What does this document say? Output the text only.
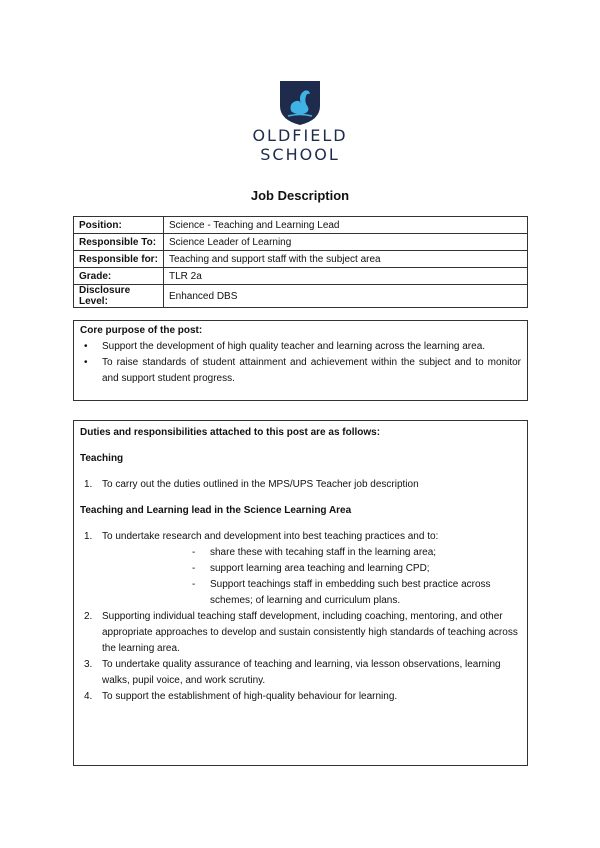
OLDFIELD
SCHOOL
Job Description
Position:	Science - Teaching and Learning Lead
Responsible To:	Science Leader of Learning
Responsible for:	Teaching and support staff with the subject area
Grade:	TLR 2a
Disclosure Level:	Enhanced DBS
Core purpose of the post:
• Support the development of high quality teacher and learning across the learning area.
• To raise standards of student attainment and achievement within the subject and to monitor and support student progress.
Duties and responsibilities attached to this post are as follows:
Teaching
1. To carry out the duties outlined in the MPS/UPS Teacher job description
Teaching and Learning lead in the Science Learning Area
1. To undertake research and development into best teaching practices and to:
- share these with tecahing staff in the learning area;
- support learning area teaching and learning CPD;
- Support teachings staff in embedding such best practice across schemes; of learning and curriculum plans.
2. Supporting individual teaching staff development, including coaching, mentoring, and other appropriate approaches to develop and sustain consistently high standards of teaching across the learning area.
3. To undertake quality assurance of teaching and learning, via lesson observations, learning walks, pupil voice, and work scrutiny.
4. To support the establishment of high-quality behaviour for learning.
